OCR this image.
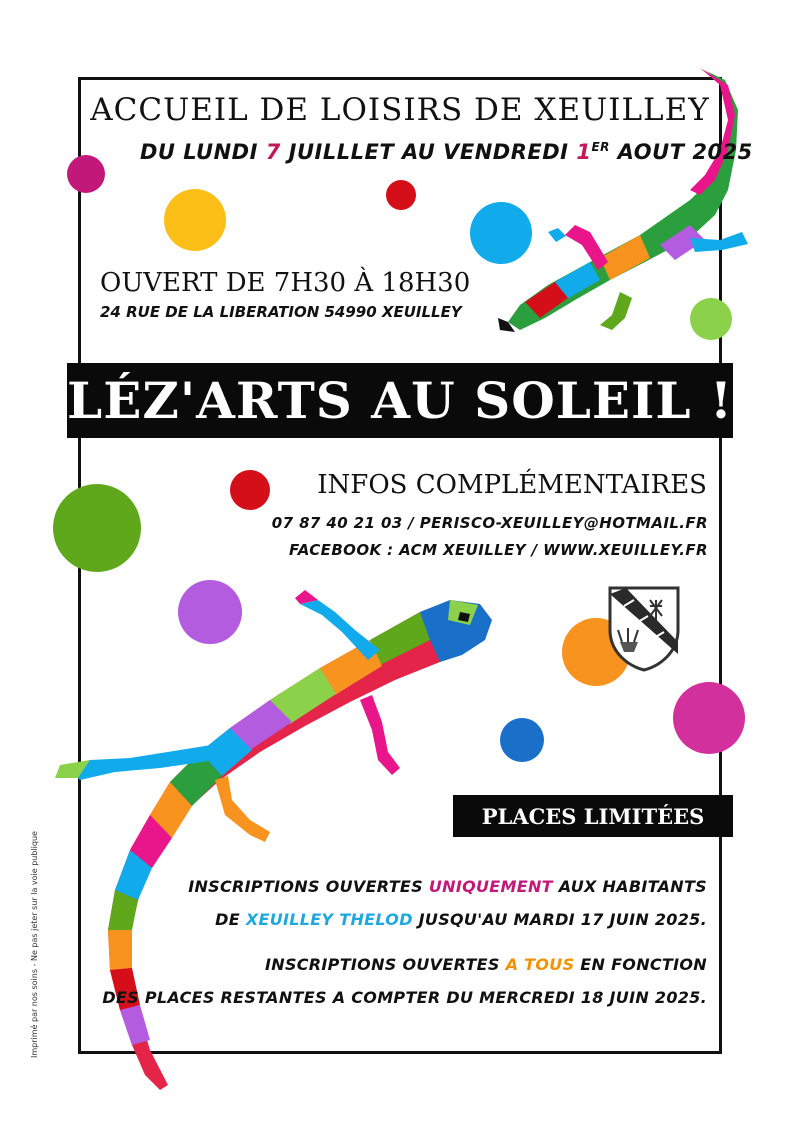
ACCUEIL DE LOISIRS DE XEUILLEY
DU LUNDI 7 JUILLLET AU VENDREDI 1ER AOUT 2025
OUVERT DE 7H30 À 18H30
24 RUE DE LA LIBERATION 54990 XEUILLEY
LÉZ'ARTS AU SOLEIL !
INFOS COMPLÉMENTAIRES
07 87 40 21 03 / PERISCO-XEUILLEY@HOTMAIL.FR
FACEBOOK : ACM XEUILLEY / WWW.XEUILLEY.FR
PLACES LIMITÉES
INSCRIPTIONS OUVERTES UNIQUEMENT AUX HABITANTS
DE XEUILLEY THELOD JUSQU'AU MARDI 17 JUIN 2025.
INSCRIPTIONS OUVERTES A TOUS EN FONCTION
DES PLACES RESTANTES A COMPTER DU MERCREDI 18 JUIN 2025.
Imprimé par nos soins - Ne pas jeter sur la voie publique
